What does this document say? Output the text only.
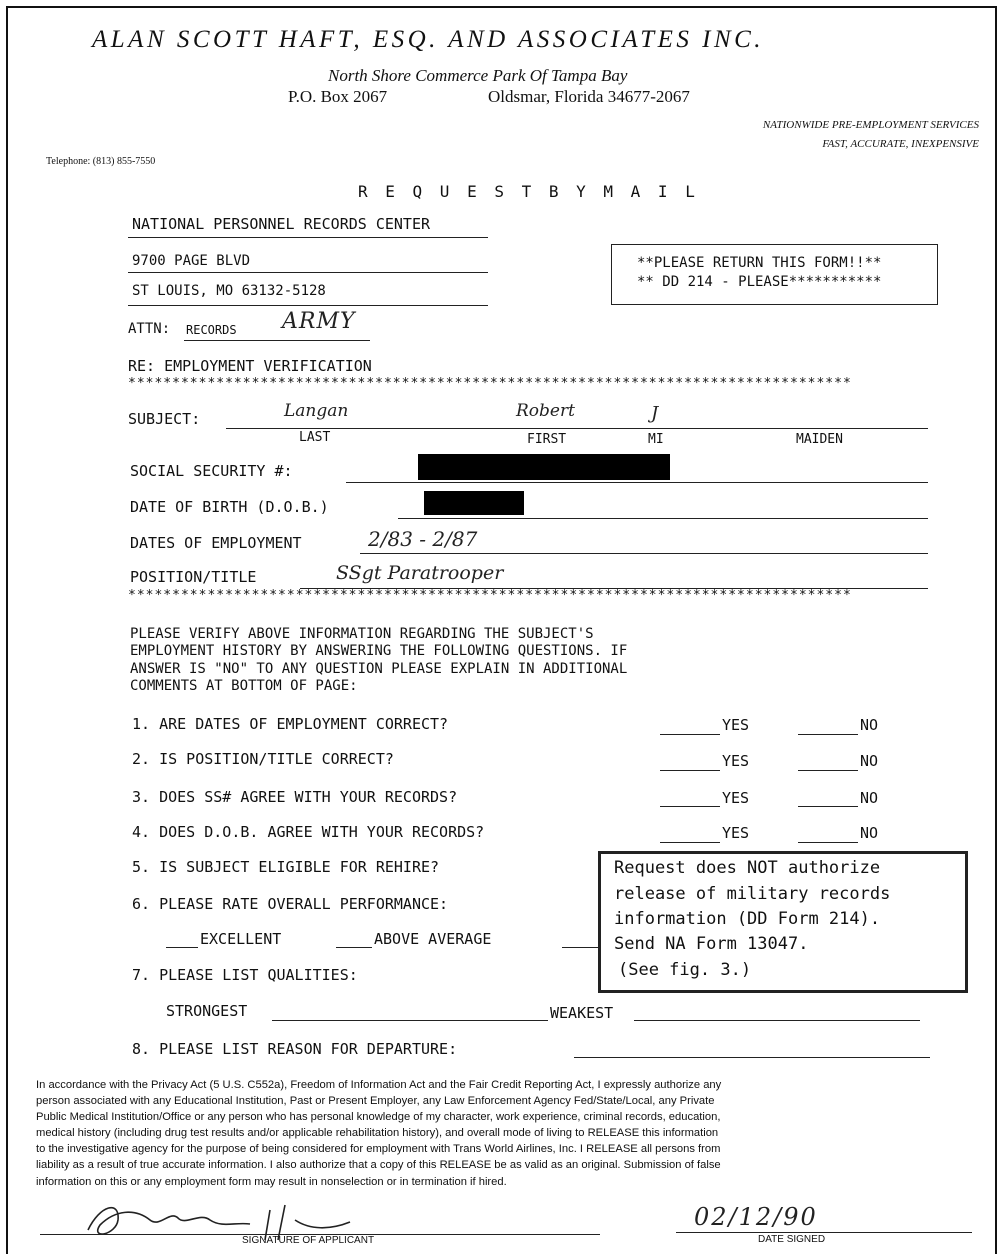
ALAN SCOTT HAFT, ESQ. AND ASSOCIATES INC.
North Shore Commerce Park Of Tampa Bay
P.O. Box 2067	Oldsmar, Florida 34677-2067
NATIONWIDE PRE-EMPLOYMENT SERVICES
FAST, ACCURATE, INEXPENSIVE
Telephone: (813) 855-7550
R E Q U E S T B Y M A I L
NATIONAL PERSONNEL RECORDS CENTER
9700 PAGE BLVD
ST LOUIS, MO 63132-5128
ATTN: RECORDS ARMY
**PLEASE RETURN THIS FORM!!**
** DD 214 - PLEASE***********
RE: EMPLOYMENT VERIFICATION
**********************************************************************************
SUBJECT:	Langan	Robert	J
LAST	FIRST	MI	MAIDEN
SOCIAL SECURITY #:
DATE OF BIRTH (D.O.B.)
DATES OF EMPLOYMENT	2/83 - 2/87
POSITION/TITLE	SSgt Paratrooper
**********************************************************************************
PLEASE VERIFY ABOVE INFORMATION REGARDING THE SUBJECT'S
EMPLOYMENT HISTORY BY ANSWERING THE FOLLOWING QUESTIONS. IF
ANSWER IS "NO" TO ANY QUESTION PLEASE EXPLAIN IN ADDITIONAL
COMMENTS AT BOTTOM OF PAGE:
1. ARE DATES OF EMPLOYMENT CORRECT?	YES	NO
2. IS POSITION/TITLE CORRECT?	YES	NO
3. DOES SS# AGREE WITH YOUR RECORDS?	YES	NO
4. DOES D.O.B. AGREE WITH YOUR RECORDS?	YES	NO
5. IS SUBJECT ELIGIBLE FOR REHIRE?
6. PLEASE RATE OVERALL PERFORMANCE:
EXCELLENT	ABOVE AVERAGE
7. PLEASE LIST QUALITIES:
STRONGEST	WEAKEST
8. PLEASE LIST REASON FOR DEPARTURE:
Request does NOT authorize
release of military records
information (DD Form 214).
Send NA Form 13047.
(See fig. 3.)
In accordance with the Privacy Act (5 U.S. C552a), Freedom of Information Act and the Fair Credit Reporting Act, I expressly authorize any
person associated with any Educational Institution, Past or Present Employer, any Law Enforcement Agency Fed/State/Local, any Private
Public Medical Institution/Office or any person who has personal knowledge of my character, work experience, criminal records, education,
medical history (including drug test results and/or applicable rehabilitation history), and overall mode of living to RELEASE this information
to the investigative agency for the purpose of being considered for employment with Trans World Airlines, Inc. I RELEASE all persons from
liability as a result of true accurate information. I also authorize that a copy of this RELEASE be as valid as an original. Submission of false
information on this or any employment form may result in nonselection or in termination if hired.
SIGNATURE OF APPLICANT
02/12/90
DATE SIGNED
